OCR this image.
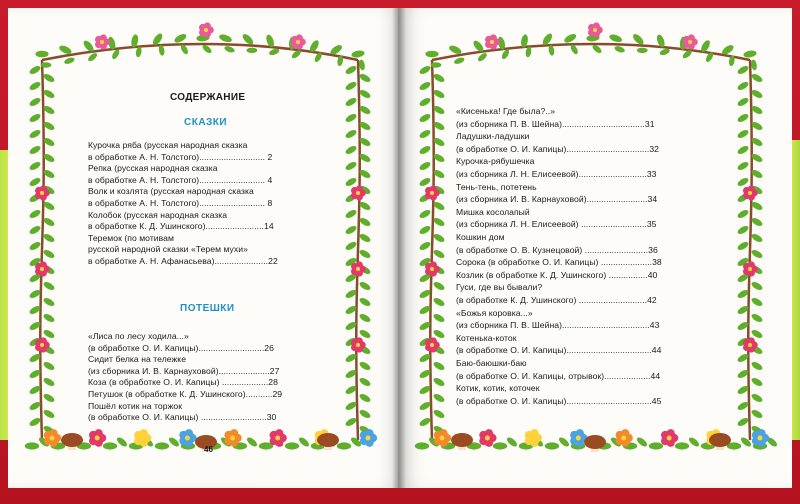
СОДЕРЖАНИЕ
СКАЗКИ
Курочка ряба (русская народная сказка
в обработке А. Н. Толстого)........................... 2
Репка (русская народная сказка
в обработке А. Н. Толстого)........................... 4
Волк и козлята (русская народная сказка
в обработке А. Н. Толстого)........................... 8
Колобок (русская народная сказка
в обработке К. Д. Ушинского)........................14
Теремок (по мотивам
русской народной сказки «Терем мухи»
в обработке А. Н. Афанасьева)......................22
ПОТЕШКИ
«Лиса по лесу ходила...»
(в обработке О. И. Капицы)...........................26
Сидит белка на тележке
(из сборника И. В. Карнауховой).....................27
Коза (в обработке О. И. Капицы) ...................28
Петушок (в обработке К. Д. Ушинского)...........29
Пошёл котик на торжок
(в обработке О. И. Капицы) ...........................30
46
«Кисенька! Где была?..»
(из сборника П. В. Шейна)..................................31
Ладушки-ладушки
(в обработке О. И. Капицы)..................................32
Курочка-рябушечка
(из сборника Л. Н. Елисеевой)............................33
Тень-тень, потетень
(из сборника И. В. Карнауховой).........................34
Мишка косолапый
(из сборника Л. Н. Елисеевой) ...........................35
Кошкин дом
(в обработке О. В. Кузнецовой) ..........................36
Сорока (в обработке О. И. Капицы) .....................38
Козлик (в обработке К. Д. Ушинского) ................40
Гуси, где вы бывали?
(в обработке К. Д. Ушинского) ............................42
«Божья коровка...»
(из сборника П. В. Шейна)....................................43
Котенька-коток
(в обработке О. И. Капицы)...................................44
Баю-баюшки-баю
(в обработке О. И. Капицы, отрывок)...................44
Котик, котик, коточек
(в обработке О. И. Капицы)...................................45
